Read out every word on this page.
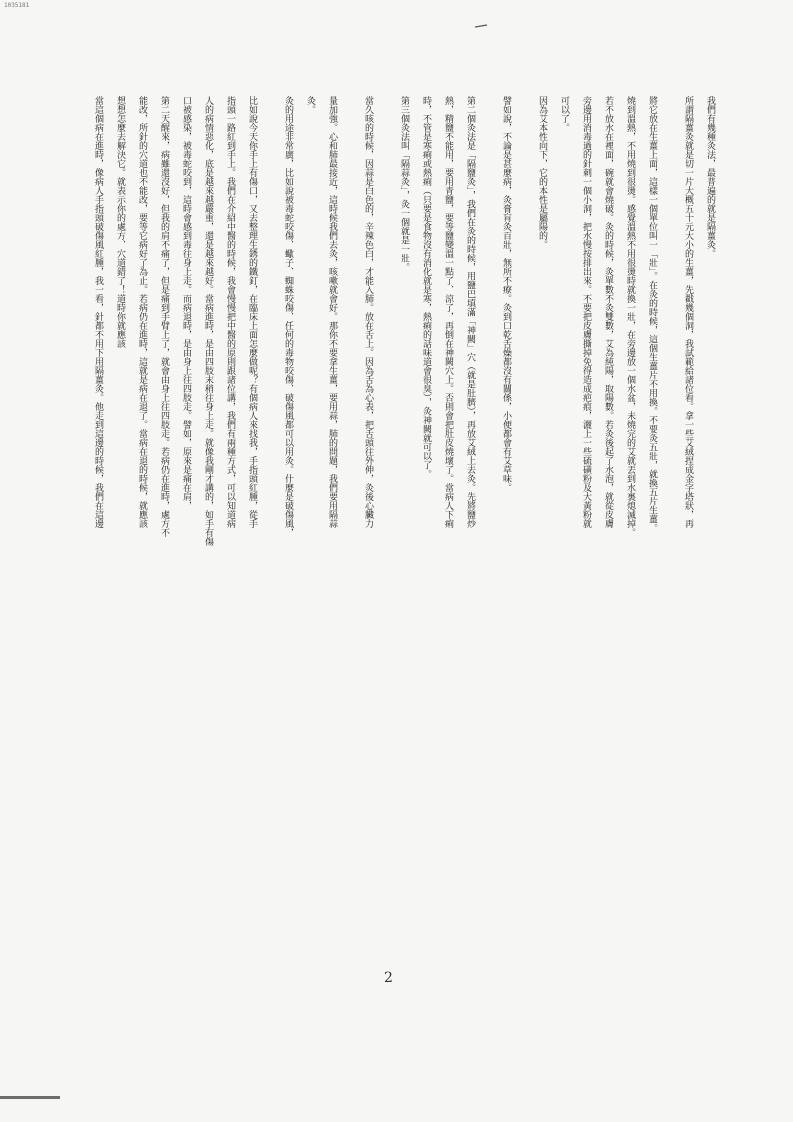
1035181
我們有幾種灸法，最普遍的就是隔薑灸。
所謂隔薑灸就是切一片大概五十元大小的生薑，先戳幾個洞，我試範給諸位看。拿一些艾絨捏成金字塔狀，再
將它放在生薑上面，這樣一個單位叫一「壯」。在灸的時候，這個生薑片不用換。不要灸五壯，就換五片生薑。
燒到溫熱，不用燒到很燙。感覺溫熱不用很燙時就換一壯，在旁邊放一個水盆，未燒完的艾就丟到水裏熄滅掉。
若不放水在裡面，碗就會燒破。灸的時候，灸單數不灸雙數，艾為純陽，取陽數。若灸後起了水泡，就從皮膚
旁邊用消毒過的針刺一個小洞，把水慢按排出來。不要把皮膚撕掉免得造成疤痕，灑上一些硫磺粉及大黃粉就
可以了。
因為艾本性向下，它的本性是屬陽的。
譬如說，不論是甚麼病，灸膏肓灸百壯，無所不療。灸到口乾舌燥都沒有關係，小便都會有艾草味。
第二個灸法是「隔鹽灸」，我們在灸的時候，用鹽巴填滿「神闕」穴（就是肚臍），再放艾絨上去灸。先將鹽炒
熱，精鹽不能用，要用青鹽，要等鹽變溫一點了、涼了，再倒在神闕穴上。否則會把肚皮燒壞了。當病人下痢
時，不管是寒痢或熱痢（只要是食物沒有消化就是寒，熱痢的話味道會很臭），灸神闕就可以了。
第三個灸法叫「隔蒜灸」，灸一個就是一壯。
當久咳的時候，因蒜是白色的，辛辣色白，才能入肺。放在舌上。因為舌為心表，把舌頭往外伸，灸後心臟力
量加強。心和肺最接近，這時候我們去灸，咳嗽就會好。那你不要拿生薑，要用蒜，肺的問題，我們要用隔蒜
灸。
灸的用途非常廣，比如說被毒蛇咬傷、蠍子、蜘蛛咬傷、任何的毒物咬傷、破傷風都可以用灸。什麼是破傷風，
比如說今天你手上有傷口，又去整理生銹的鐵釘，在臨床上面怎麼做呢？有個病人來找我，手指頭紅腫，從手
指頭一路紅到手上。我們在介紹中醫的時候，我會慢慢把中醫的原則跟諸位講，我們有兩種方式，可以知道病
人的病情惡化，底是越來越嚴重，還是越來越好。當病進時，是由四肢末稍往身上走。就像我剛才講的，如手有傷
口被感染，被毒蛇咬到，這時會感到毒往身上走。而病退時，是由身上往四肢走。譬如，原來是痛在肩，
第二天醒來，病雖還沒好，但我的肩不痛了，但是痛到手臂上了，就會由身上往四肢走。若病仍在進時，處方不
能改，所針的穴道也不能改，要等它病好了為止。若病仍在進時，這就是病在退了。當病在退的時候，就應該
想想怎麼去解決它。就表示你的處方、穴道錯了！道時你就應該
當這個病在進時，像病人手指頭破傷風紅腫，我一看，針都不用下用隔薑灸。他走到這邊的時候，我們在這邊
2
